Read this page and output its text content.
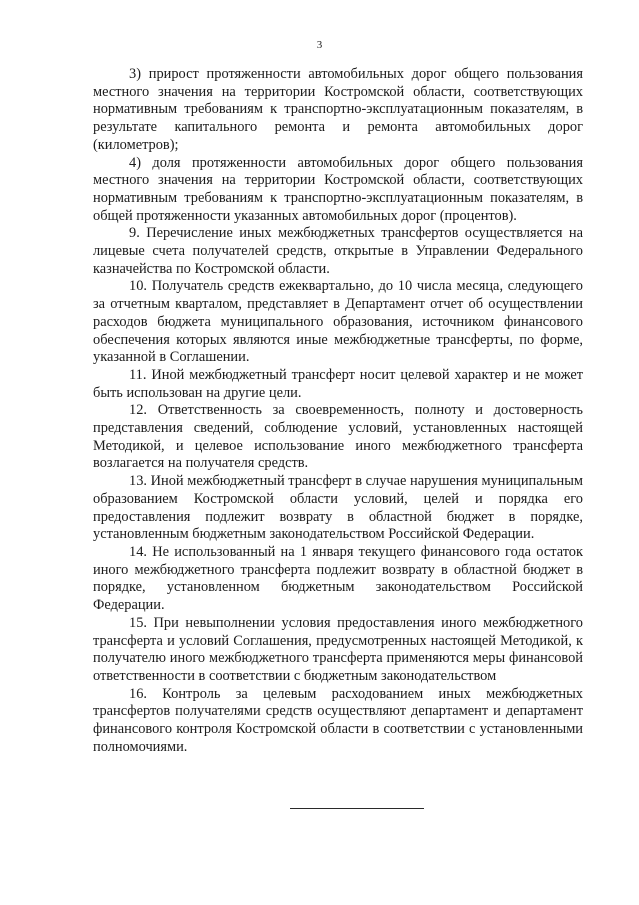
3

3) прирост протяженности автомобильных дорог общего пользования местного значения на территории Костромской области, соответствующих нормативным требованиям к транспортно-эксплуатационным показателям, в результате капитального ремонта и ремонта автомобильных дорог (километров);

4) доля протяженности автомобильных дорог общего пользования местного значения на территории Костромской области, соответствующих нормативным требованиям к транспортно-эксплуатационным показателям, в общей протяженности указанных автомобильных дорог (процентов).

9. Перечисление иных межбюджетных трансфертов осуществляется на лицевые счета получателей средств, открытые в Управлении Федерального казначейства по Костромской области.

10. Получатель средств ежеквартально, до 10 числа месяца, следующего за отчетным кварталом, представляет в Департамент отчет об осуществлении расходов бюджета муниципального образования, источником финансового обеспечения которых являются иные межбюджетные трансферты, по форме, указанной в Соглашении.

11. Иной межбюджетный трансферт носит целевой характер и не может быть использован на другие цели.

12. Ответственность за своевременность, полноту и достоверность представления сведений, соблюдение условий, установленных настоящей Методикой, и целевое использование иного межбюджетного трансферта возлагается на получателя средств.

13. Иной межбюджетный трансферт в случае нарушения муниципальным образованием Костромской области условий, целей и порядка его предоставления подлежит возврату в областной бюджет в порядке, установленным бюджетным законодательством Российской Федерации.

14. Не использованный на 1 января текущего финансового года остаток иного межбюджетного трансферта подлежит возврату в областной бюджет в порядке, установленном бюджетным законодательством Российской Федерации.

15. При невыполнении условия предоставления иного межбюджетного трансферта и условий Соглашения, предусмотренных настоящей Методикой, к получателю иного межбюджетного трансферта применяются меры финансовой ответственности в соответствии с бюджетным законодательством

16. Контроль за целевым расходованием иных межбюджетных трансфертов получателями средств осуществляют департамент и департамент финансового контроля Костромской области в соответствии с установленными полномочиями.
